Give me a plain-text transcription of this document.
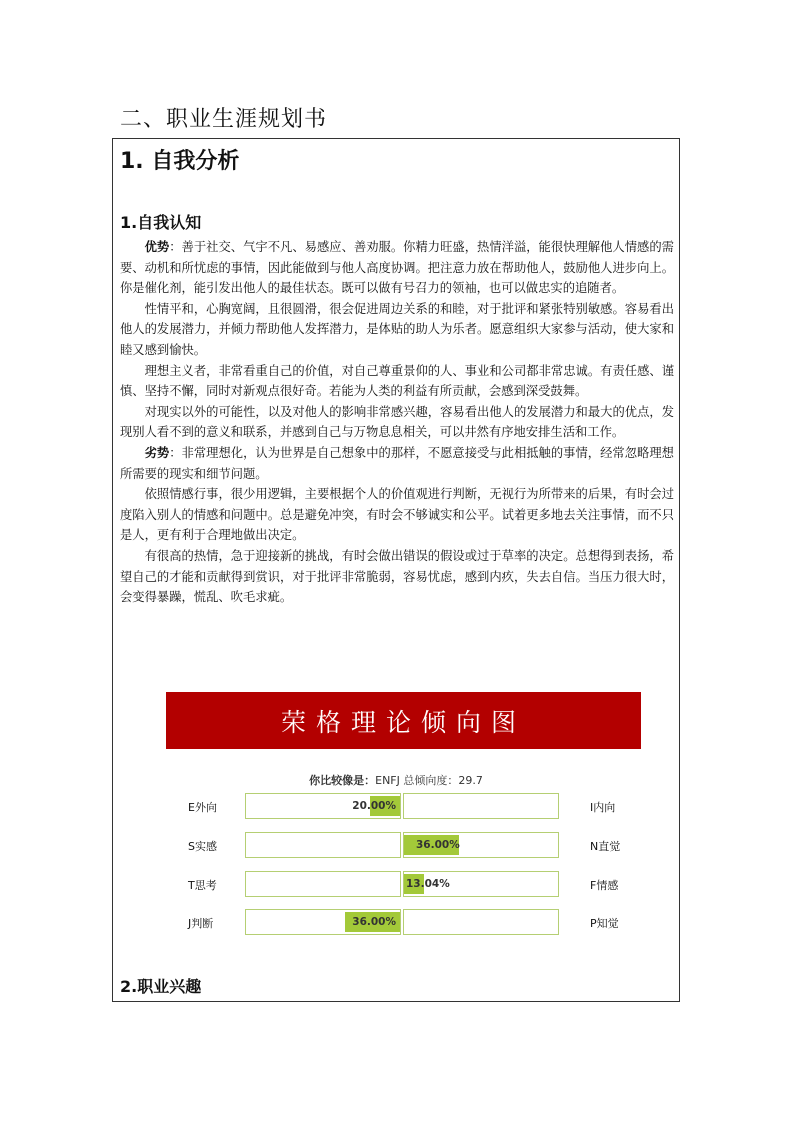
二、职业生涯规划书
1. 自我分析
1.自我认知

优势：善于社交、气宇不凡、易感应、善劝服。你精力旺盛，热情洋溢，能很快理解他人情感的需要、动机和所忧虑的事情，因此能做到与他人高度协调。把注意力放在帮助他人，鼓励他人进步向上。你是催化剂，能引发出他人的最佳状态。既可以做有号召力的领袖，也可以做忠实的追随者。

性情平和，心胸宽阔，且很圆滑，很会促进周边关系的和睦，对于批评和紧张特别敏感。容易看出他人的发展潜力，并倾力帮助他人发挥潜力，是体贴的助人为乐者。愿意组织大家参与活动，使大家和睦又感到愉快。

理想主义者，非常看重自己的价值，对自己尊重景仰的人、事业和公司都非常忠诚。有责任感、谨慎、坚持不懈，同时对新观点很好奇。若能为人类的利益有所贡献，会感到深受鼓舞。

对现实以外的可能性，以及对他人的影响非常感兴趣，容易看出他人的发展潜力和最大的优点，发现别人看不到的意义和联系，并感到自己与万物息息相关，可以井然有序地安排生活和工作。

劣势：非常理想化，认为世界是自己想象中的那样，不愿意接受与此相抵触的事情，经常忽略理想所需要的现实和细节问题。

依照情感行事，很少用逻辑，主要根据个人的价值观进行判断，无视行为所带来的后果，有时会过度陷入别人的情感和问题中。总是避免冲突，有时会不够诚实和公平。试着更多地去关注事情，而不只是人，更有利于合理地做出决定。

有很高的热情，急于迎接新的挑战，有时会做出错误的假设或过于草率的决定。总想得到表扬，希望自己的才能和贡献得到赏识，对于批评非常脆弱，容易忧虑，感到内疚，失去自信。当压力很大时，会变得暴躁，慌乱、吹毛求疵。

荣格理论倾向图
你比较像是：ENFJ 总倾向度：29.7
E外向	20.00%	I内向
S实感	36.00%	N直觉
T思考	13.04%	F情感
J判断	36.00%	P知觉
2.职业兴趣
